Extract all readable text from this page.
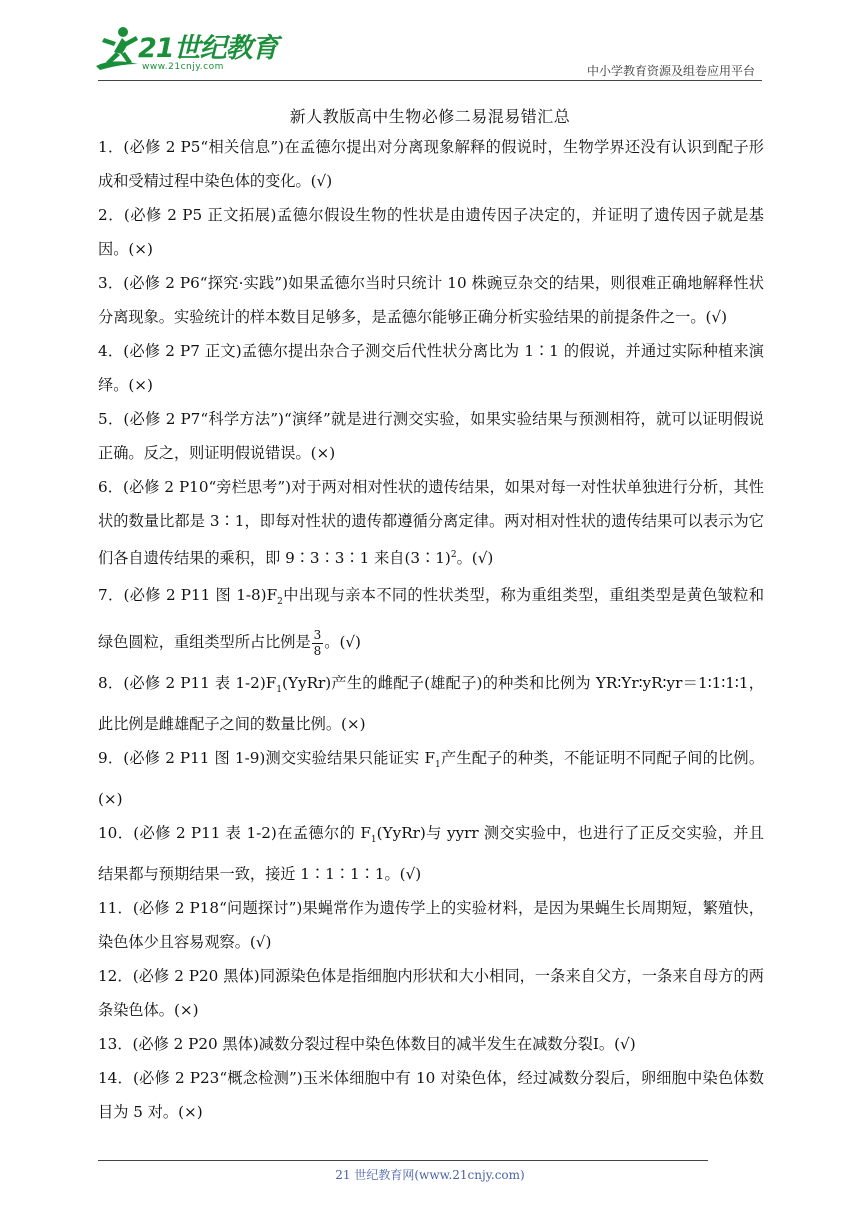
21世纪教育
www.21cnjy.com	中小学教育资源及组卷应用平台
新人教版高中生物必修二易混易错汇总

1．(必修 2 P5“相关信息”)在孟德尔提出对分离现象解释的假说时，生物学界还没有认识到配子形成和受精过程中染色体的变化。(√)

2．(必修 2 P5 正文拓展)孟德尔假设生物的性状是由遗传因子决定的，并证明了遗传因子就是基因。(×)

3．(必修 2 P6“探究·实践”)如果孟德尔当时只统计 10 株豌豆杂交的结果，则很难正确地解释性状分离现象。实验统计的样本数目足够多，是孟德尔能够正确分析实验结果的前提条件之一。(√)

4．(必修 2 P7 正文)孟德尔提出杂合子测交后代性状分离比为 1∶1 的假说，并通过实际种植来演绎。(×)

5．(必修 2 P7“科学方法”)“演绎”就是进行测交实验，如果实验结果与预测相符，就可以证明假说正确。反之，则证明假说错误。(×)

6．(必修 2 P10“旁栏思考”)对于两对相对性状的遗传结果，如果对每一对性状单独进行分析，其性状的数量比都是 3∶1，即每对性状的遗传都遵循分离定律。两对相对性状的遗传结果可以表示为它们各自遗传结果的乘积，即 9∶3∶3∶1 来自(3∶1)$^2$。(√)

7．(必修 2 P11 图 $1-8)F_2$中出现与亲本不同的性状类型，称为重组类型，重组类型是黄色皱粒和绿色圆粒，重组类型所占比例是 $\frac{3}{8}$ 。(√)

8．(必修 2 P11 表 $1-2)F_1(YyRr)$产生的雌配子(雄配子)的种类和比例为 YR∶Yr∶yR∶yr＝1∶1∶1∶1，此比例是雌雄配子之间的数量比例。(×)

9．(必修 2 P11 图 1-9)测交实验结果只能证实 $F_1$产生配子的种类，不能证明不同配子间的比例。(×)

10．(必修 2 P11 表 1-2)在孟德尔的 $F_1(YyRr)$与 yyrr 测交实验中，也进行了正反交实验，并且结果都与预期结果一致，接近 1∶1∶1∶1。(√)

11．(必修 2 P18“问题探讨”)果蝇常作为遗传学上的实验材料，是因为果蝇生长周期短，繁殖快，染色体少且容易观察。(√)

12．(必修 2 P20 黑体)同源染色体是指细胞内形状和大小相同，一条来自父方，一条来自母方的两条染色体。(×)

13．(必修 2 P20 黑体)减数分裂过程中染色体数目的减半发生在减数分裂Ⅰ。(√)

14．(必修 2 P23“概念检测”)玉米体细胞中有 10 对染色体，经过减数分裂后，卵细胞中染色体数目为 5 对。(×)

21 世纪教育网(www.21cnjy.com)
